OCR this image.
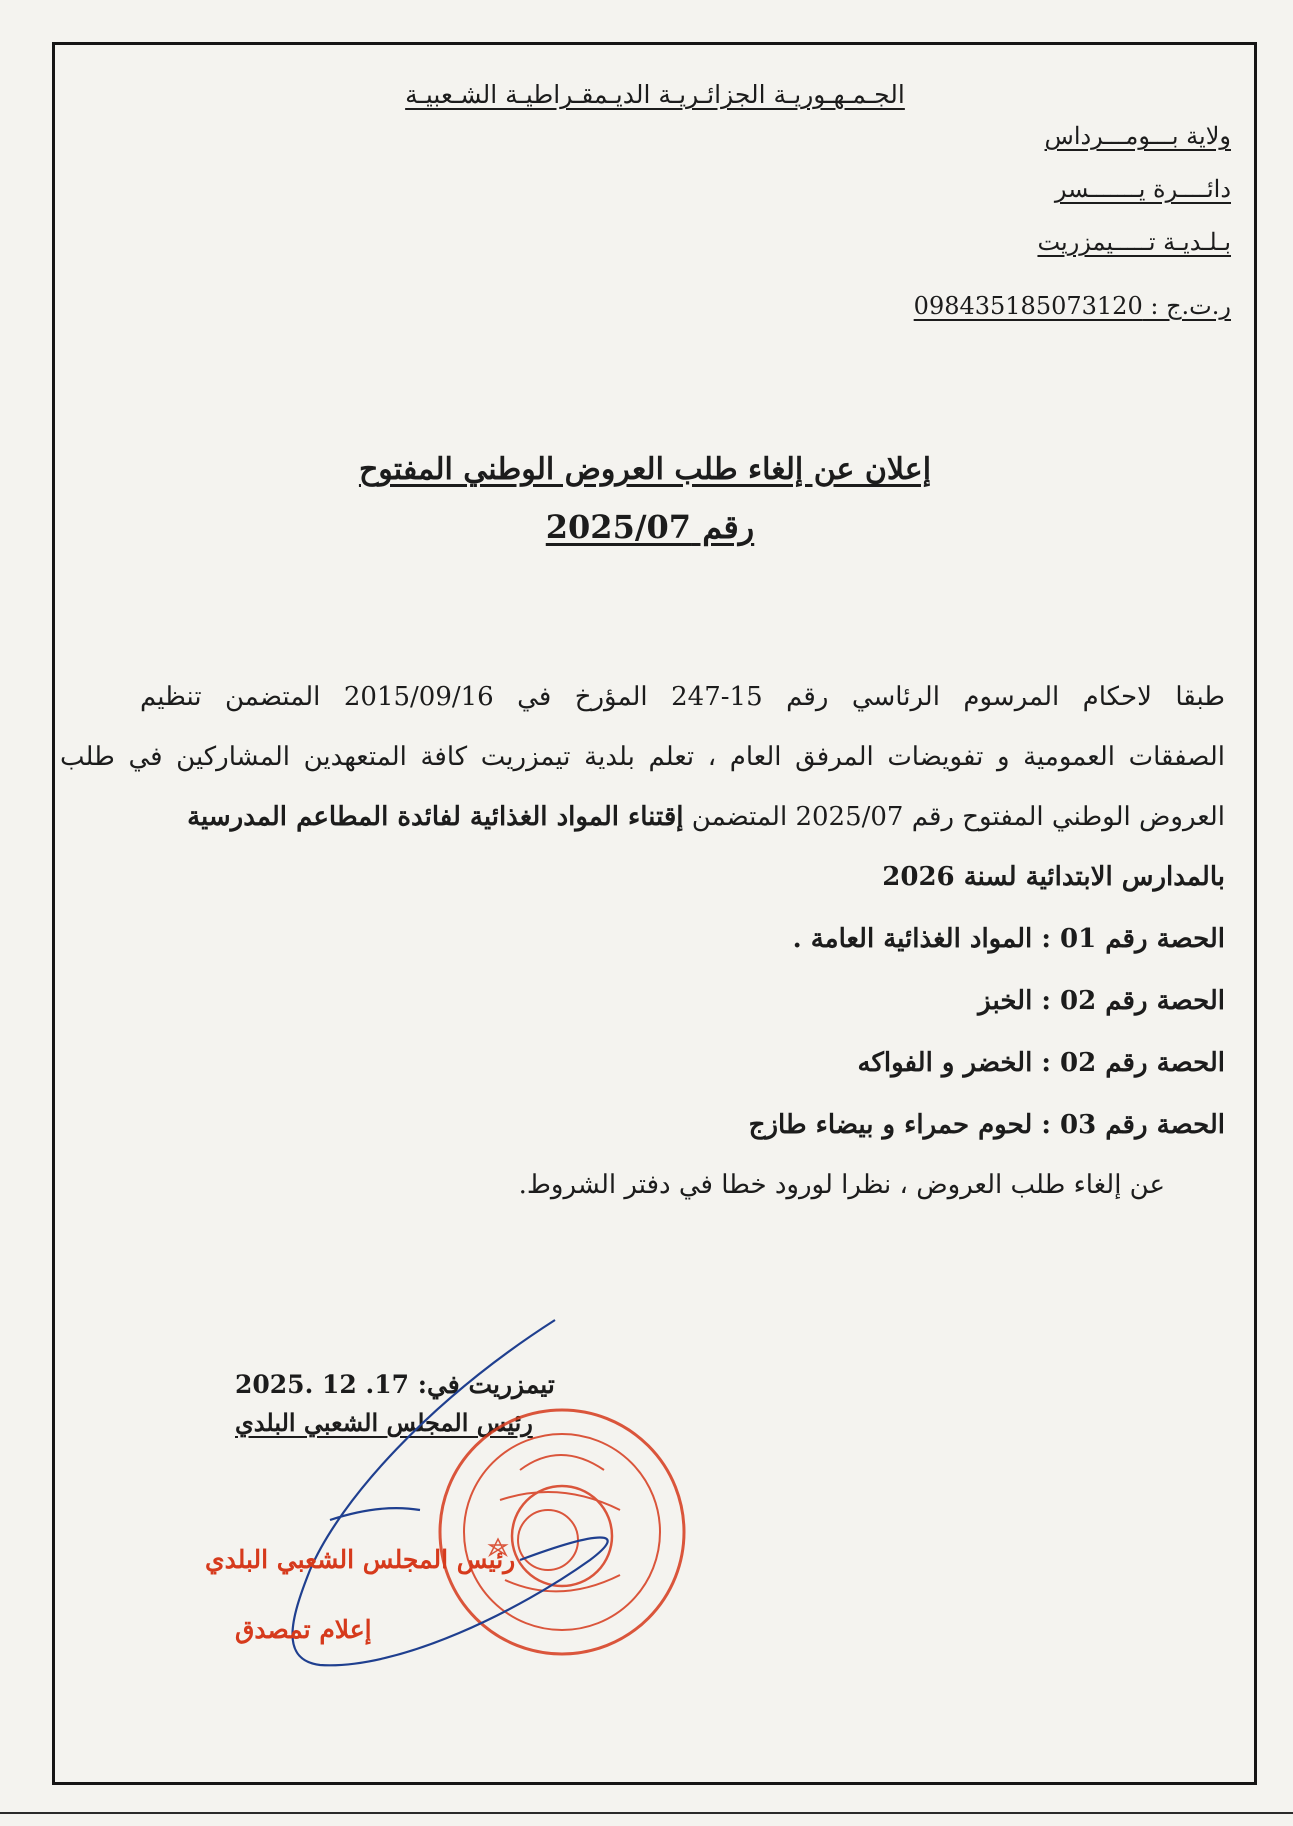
الجـمـهـوريـة الجزائـريـة الديـمقـراطيـة الشـعبيـة
ولاية بـــومـــرداس
دائــــرة يـــــــسر
بـلـديـة تـــــيمزريت
ر.ت.ج : 098435185073120
إعلان عن إلغاء طلب العروض الوطني المفتوح
رقم 2025/07
طبقا لاحكام المرسوم الرئاسي رقم 15-247 المؤرخ في 2015/09/16 المتضمن تنظيم
الصفقات العمومية و تفويضات المرفق العام ، تعلم بلدية تيمزريت كافة المتعهدين المشاركين في طلب
العروض الوطني المفتوح رقم 2025/07 المتضمن إقتناء المواد الغذائية لفائدة المطاعم المدرسية
بالمدارس الابتدائية لسنة 2026
الحصة رقم 01 : المواد الغذائية العامة .
الحصة رقم 02 : الخبز
الحصة رقم 02 : الخضر و الفواكه
الحصة رقم 03 : لحوم حمراء و بيضاء طازج
عن إلغاء طلب العروض ، نظرا لورود خطا في دفتر الشروط.
تيمزريت في: 17. 12 .2025
رئيس المجلس الشعبي البلدي
رئيس المجلس الشعبي البلدي
إعلام تمصدق
